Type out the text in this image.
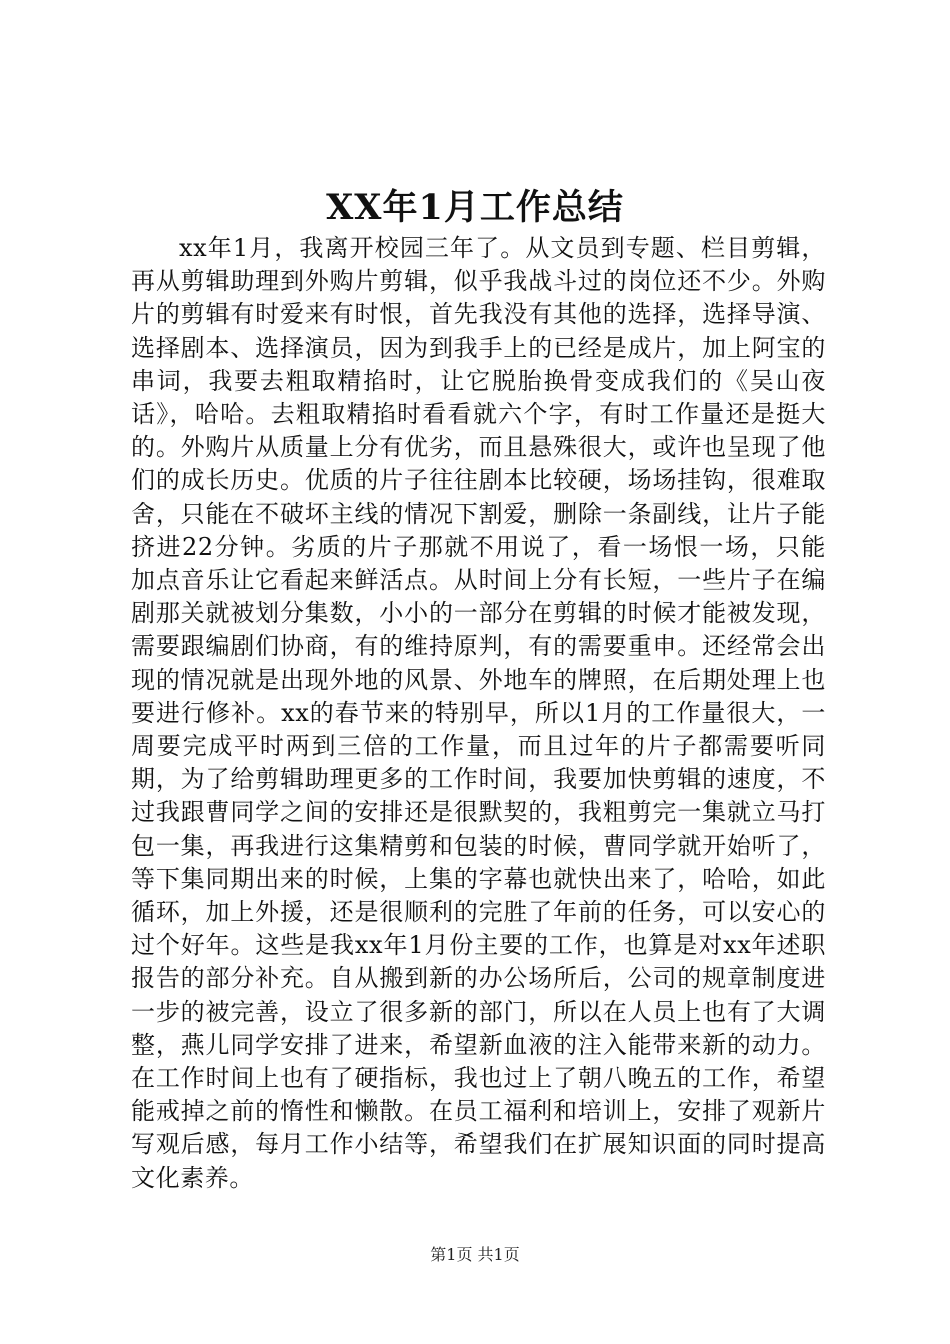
XX年1月工作总结

xx年1月，我离开校园三年了。从文员到专题、栏目剪辑，再从剪辑助理到外购片剪辑，似乎我战斗过的岗位还不少。外购片的剪辑有时爱来有时恨，首先我没有其他的选择，选择导演、选择剧本、选择演员，因为到我手上的已经是成片，加上阿宝的串词，我要去粗取精掐时，让它脱胎换骨变成我们的《吴山夜话》，哈哈。去粗取精掐时看看就六个字，有时工作量还是挺大的。外购片从质量上分有优劣，而且悬殊很大，或许也呈现了他们的成长历史。优质的片子往往剧本比较硬，场场挂钩，很难取舍，只能在不破坏主线的情况下割爱，删除一条副线，让片子能挤进22分钟。劣质的片子那就不用说了，看一场恨一场，只能加点音乐让它看起来鲜活点。从时间上分有长短，一些片子在编剧那关就被划分集数，小小的一部分在剪辑的时候才能被发现，需要跟编剧们协商，有的维持原判，有的需要重申。还经常会出现的情况就是出现外地的风景、外地车的牌照，在后期处理上也要进行修补。xx的春节来的特别早，所以1月的工作量很大，一周要完成平时两到三倍的工作量，而且过年的片子都需要听同期，为了给剪辑助理更多的工作时间，我要加快剪辑的速度，不过我跟曹同学之间的安排还是很默契的，我粗剪完一集就立马打包一集，再我进行这集精剪和包装的时候，曹同学就开始听了，等下集同期出来的时候，上集的字幕也就快出来了，哈哈，如此循环，加上外援，还是很顺利的完胜了年前的任务，可以安心的过个好年。这些是我xx年1月份主要的工作，也算是对xx年述职报告的部分补充。自从搬到新的办公场所后，公司的规章制度进一步的被完善，设立了很多新的部门，所以在人员上也有了大调整，燕儿同学安排了进来，希望新血液的注入能带来新的动力。在工作时间上也有了硬指标，我也过上了朝八晚五的工作，希望能戒掉之前的惰性和懒散。在员工福利和培训上，安排了观新片写观后感，每月工作小结等，希望我们在扩展知识面的同时提高文化素养。

第1页 共1页
